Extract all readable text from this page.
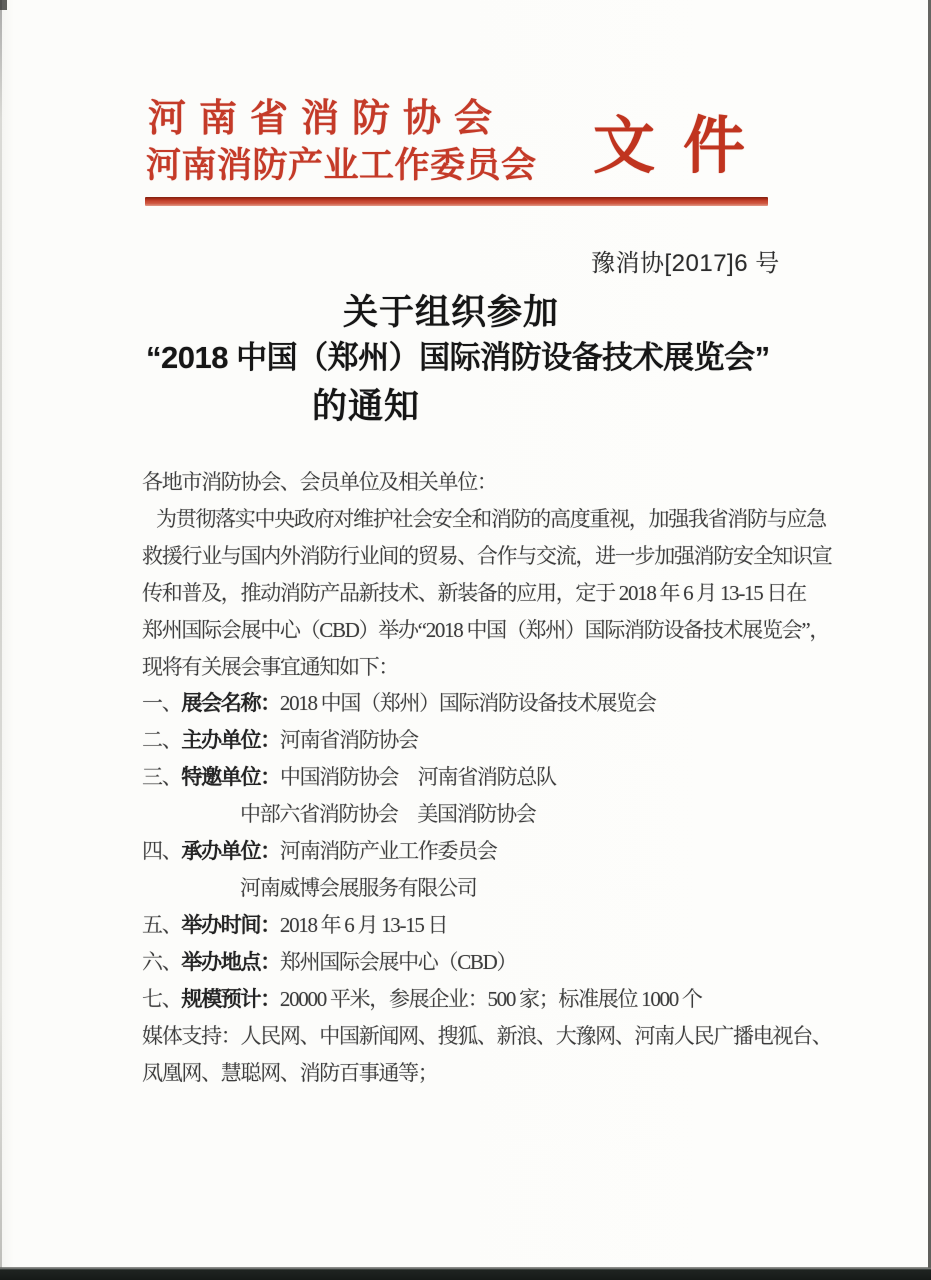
河南省消防协会
河南消防产业工作委员会 文件
豫消协[2017]6 号
关于组织参加
“2018 中国（郑州）国际消防设备技术展览会”
的通知
各地市消防协会、会员单位及相关单位：
为贯彻落实中央政府对维护社会安全和消防的高度重视，加强我省消防与应急
救援行业与国内外消防行业间的贸易、合作与交流，进一步加强消防安全知识宣
传和普及，推动消防产品新技术、新装备的应用，定于 2018 年 6 月 13-15 日在
郑州国际会展中心（CBD）举办“2018 中国（郑州）国际消防设备技术展览会”，
现将有关展会事宜通知如下：
一、展会名称：2018 中国（郑州）国际消防设备技术展览会
二、主办单位：河南省消防协会
三、特邀单位：中国消防协会　河南省消防总队
中部六省消防协会　美国消防协会
四、承办单位：河南消防产业工作委员会
河南威博会展服务有限公司
五、举办时间：2018 年 6 月 13-15 日
六、举办地点：郑州国际会展中心（CBD）
七、规模预计：20000 平米，参展企业：500 家；标准展位 1000 个
媒体支持：人民网、中国新闻网、搜狐、新浪、大豫网、河南人民广播电视台、
凤凰网、慧聪网、消防百事通等；
